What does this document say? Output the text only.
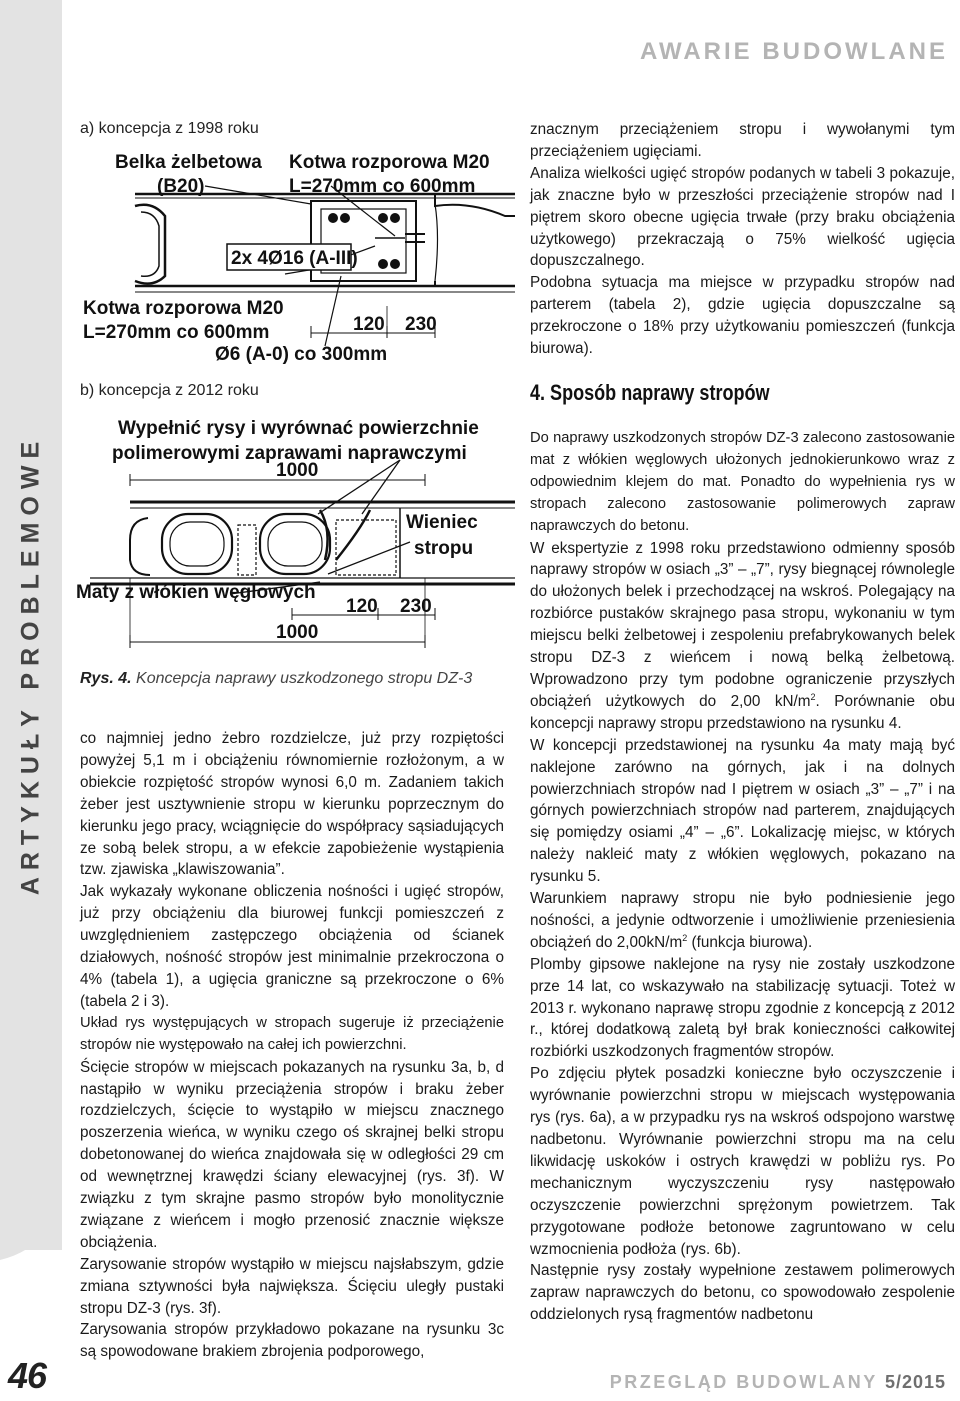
ARTYKUŁY PROBLEMOWE
46
AWARIE BUDOWLANE
PRZEGLĄD BUDOWLANY 5/2015
a) koncepcja z 1998 roku
Belka żelbetowa
(B20)
Kotwa rozporowa M20
L=270mm co 600mm
2x 4Ø16 (A-III)
Kotwa rozporowa M20
L=270mm co 600mm
Ø6 (A-0) co 300mm
120 230
b) koncepcja z 2012 roku
Wypełnić rysy i wyrównać powierzchnie
polimerowymi zaprawami naprawczymi
1000
Wieniec
stropu
Maty z włókien węglowych
120 230
1000
Rys. 4. Koncepcja naprawy uszkodzonego stropu DZ-3

co najmniej jedno żebro rozdzielcze, już przy rozpiętości powyżej 5,1 m i obciążeniu równomiernie rozłożonym, a w obiekcie rozpiętość stropów wynosi 6,0 m. Zadaniem takich żeber jest usztywnienie stropu w kierunku poprzecznym do kierunku jego pracy, wciągnięcie do współpracy sąsiadujących ze sobą belek stropu, a w efekcie zapobieżenie wystąpienia tzw. zjawiska „klawiszowania”.

Jak wykazały wykonane obliczenia nośności i ugięć stropów, już przy obciążeniu dla biurowej funkcji pomieszczeń z uwzględnieniem zastępczego obciążenia od ścianek działowych, nośność stropów jest minimalnie przekroczona o 4% (tabela 1), a ugięcia graniczne są przekroczone o 6% (tabela 2 i 3).

Układ rys występujących w stropach sugeruje iż przeciążenie stropów nie występowało na całej ich powierzchni.

Ścięcie stropów w miejscach pokazanych na rysunku 3a, b, d nastąpiło w wyniku przeciążenia stropów i braku żeber rozdzielczych, ścięcie to wystąpiło w miejscu znacznego poszerzenia wieńca, w wyniku czego oś skrajnej belki stropu dobetonowanej do wieńca znajdowała się w odległości 29 cm od wewnętrznej krawędzi ściany elewacyjnej (rys. 3f). W związku z tym skrajne pasmo stropów było monolitycznie związane z wieńcem i mogło przenosić znacznie większe obciążenia.

Zarysowanie stropów wystąpiło w miejscu najsłabszym, gdzie zmiana sztywności była największa. Ścięciu uległy pustaki stropu DZ-3 (rys. 3f).

Zarysowania stropów przykładowo pokazane na rysunku 3c są spowodowane brakiem zbrojenia podporowego,

znacznym przeciążeniem stropu i wywołanymi tym przeciążeniem ugięciami.

Analiza wielkości ugięć stropów podanych w tabeli 3 pokazuje, jak znaczne było w przeszłości przeciążenie stropów nad I piętrem skoro obecne ugięcia trwałe (przy braku obciążenia użytkowego) przekraczają o 75% wielkość ugięcia dopuszczalnego.

Podobna sytuacja ma miejsce w przypadku stropów nad parterem (tabela 2), gdzie ugięcia dopuszczalne są przekroczone o 18% przy użytkowaniu pomieszczeń (funkcja biurowa).

4. Sposób naprawy stropów

Do naprawy uszkodzonych stropów DZ-3 zalecono zastosowanie mat z włókien węglowych ułożonych jednokierunkowo wraz z odpowiednim klejem do mat. Ponadto do wypełnienia rys w stropach zalecono zastosowanie polimerowych zapraw naprawczych do betonu.

W ekspertyzie z 1998 roku przedstawiono odmienny sposób naprawy stropów w osiach „3” – „7”, rysy biegnącej równolegle do ułożonych belek i przechodzącej na wskroś. Polegający na rozbiórce pustaków skrajnego pasa stropu, wykonaniu w tym miejscu belki żelbetowej i zespoleniu prefabrykowanych belek stropu DZ-3 z wieńcem i nową belką żelbetową. Wprowadzono przy tym podobne ograniczenie przyszłych obciążeń użytkowych do 2,00 $kN/m^2$. Porównanie obu koncepcji naprawy stropu przedstawiono na rysunku 4.

W koncepcji przedstawionej na rysunku 4a maty mają być naklejone zarówno na górnych, jak i na dolnych powierzchniach stropów nad I piętrem w osiach „3” – „7” i na górnych powierzchniach stropów nad parterem, znajdujących się pomiędzy osiami „4” – „6”. Lokalizację miejsc, w których należy nakleić maty z włókien węglowych, pokazano na rysunku 5.

Warunkiem naprawy stropu nie było podniesienie jego nośności, a jedynie odtworzenie i umożliwienie przeniesienia obciążeń do $2,00kN/m^2$ (funkcja biurowa).

Plomby gipsowe naklejone na rysy nie zostały uszkodzone prze 14 lat, co wskazywało na stabilizację sytuacji. Toteż w 2013 r. wykonano naprawę stropu zgodnie z koncepcją z 2012 r., której dodatkową zaletą był brak konieczności całkowitej rozbiórki uszkodzonych fragmentów stropów.

Po zdjęciu płytek posadzki konieczne było oczyszczenie i wyrównanie powierzchni stropu w miejscach występowania rys (rys. 6a), a w przypadku rys na wskroś odspojono warstwę nadbetonu. Wyrównanie powierzchni stropu ma na celu likwidację uskoków i ostrych krawędzi w pobliżu rys. Po mechanicznym wyczyszczeniu rysy następowało oczyszczenie powierzchni sprężonym powietrzem. Tak przygotowane podłoże betonowe zagruntowano w celu wzmocnienia podłoża (rys. 6b).

Następnie rysy zostały wypełnione zestawem polimerowych zapraw naprawczych do betonu, co spowodowało zespolenie oddzielonych rysą fragmentów nadbetonu
